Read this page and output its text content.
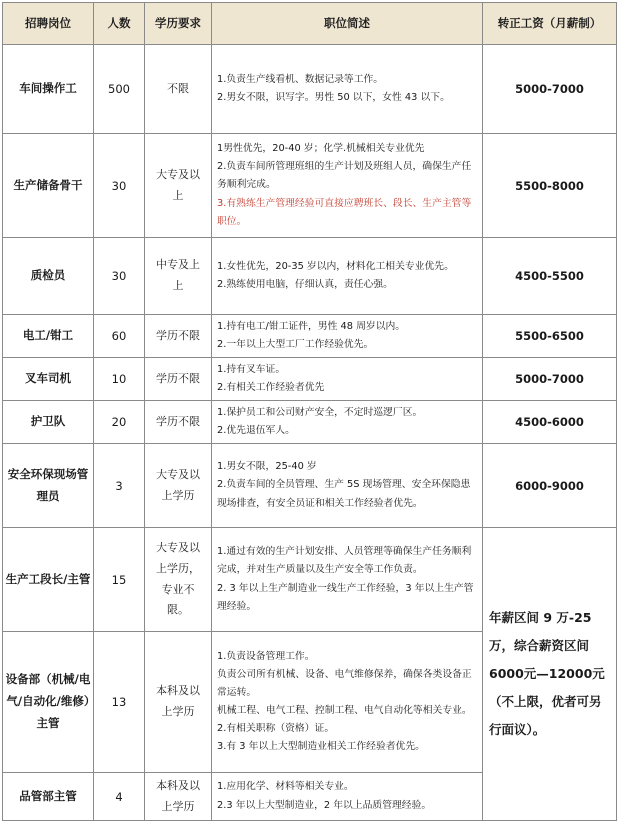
招聘岗位	人数	学历要求	职位简述	转正工资（月薪制）
车间操作工	500	不限	1.负责生产线看机、数据记录等工作。
2.男女不限，识写字。男性 50 以下，女性 43 以下。	5000-7000
生产储备骨干	30	大专及以上	1男性优先，20-40 岁；化学.机械相关专业优先
2.负责车间所管理班组的生产计划及班组人员，确保生产任务顺利完成。
3.有熟练生产管理经验可直接应聘班长、段长、生产主管等职位。	5500-8000
质检员	30	中专及上上	1.女性优先，20-35 岁以内，材料化工相关专业优先。
2.熟练使用电脑，仔细认真，责任心强。	4500-5500
电工/钳工	60	学历不限	1.持有电工/钳工证件，男性 48 周岁以内。
2.一年以上大型工厂工作经验优先。	5500-6500
叉车司机	10	学历不限	1.持有叉车证。
2.有相关工作经验者优先	5000-7000
护卫队	20	学历不限	1.保护员工和公司财产安全，不定时巡逻厂区。
2.优先退伍军人。	4500-6000
安全环保现场管理员	3	大专及以上学历	1.男女不限，25-40 岁
2.负责车间的全员管理、生产 5S 现场管理、安全环保隐患现场排查，有安全员证和相关工作经验者优先。	6000-9000
生产工段长/主管	15	大专及以上学历，专业不限。	1.通过有效的生产计划安排、人员管理等确保生产任务顺利完成，并对生产质量以及生产安全等工作负责。
2. 3 年以上生产制造业一线生产工作经验，3 年以上生产管理经验。	年薪区间 9 万-25 万，综合薪资区间 6000元—12000元（不上限，优者可另行面议）。
设备部（机械/电气/自动化/维修）主管	13	本科及以上学历	1.负责设备管理工作。
负责公司所有机械、设备、电气维修保养，确保各类设备正常运转。
机械工程、电气工程、控制工程、电气自动化等相关专业。
2.有相关职称（资格）证。
3.有 3 年以上大型制造业相关工作经验者优先。	

品管部主管	4	本科及以上学历	1.应用化学、材料等相关专业。
2.3 年以上大型制造业，2 年以上品质管理经验。	
